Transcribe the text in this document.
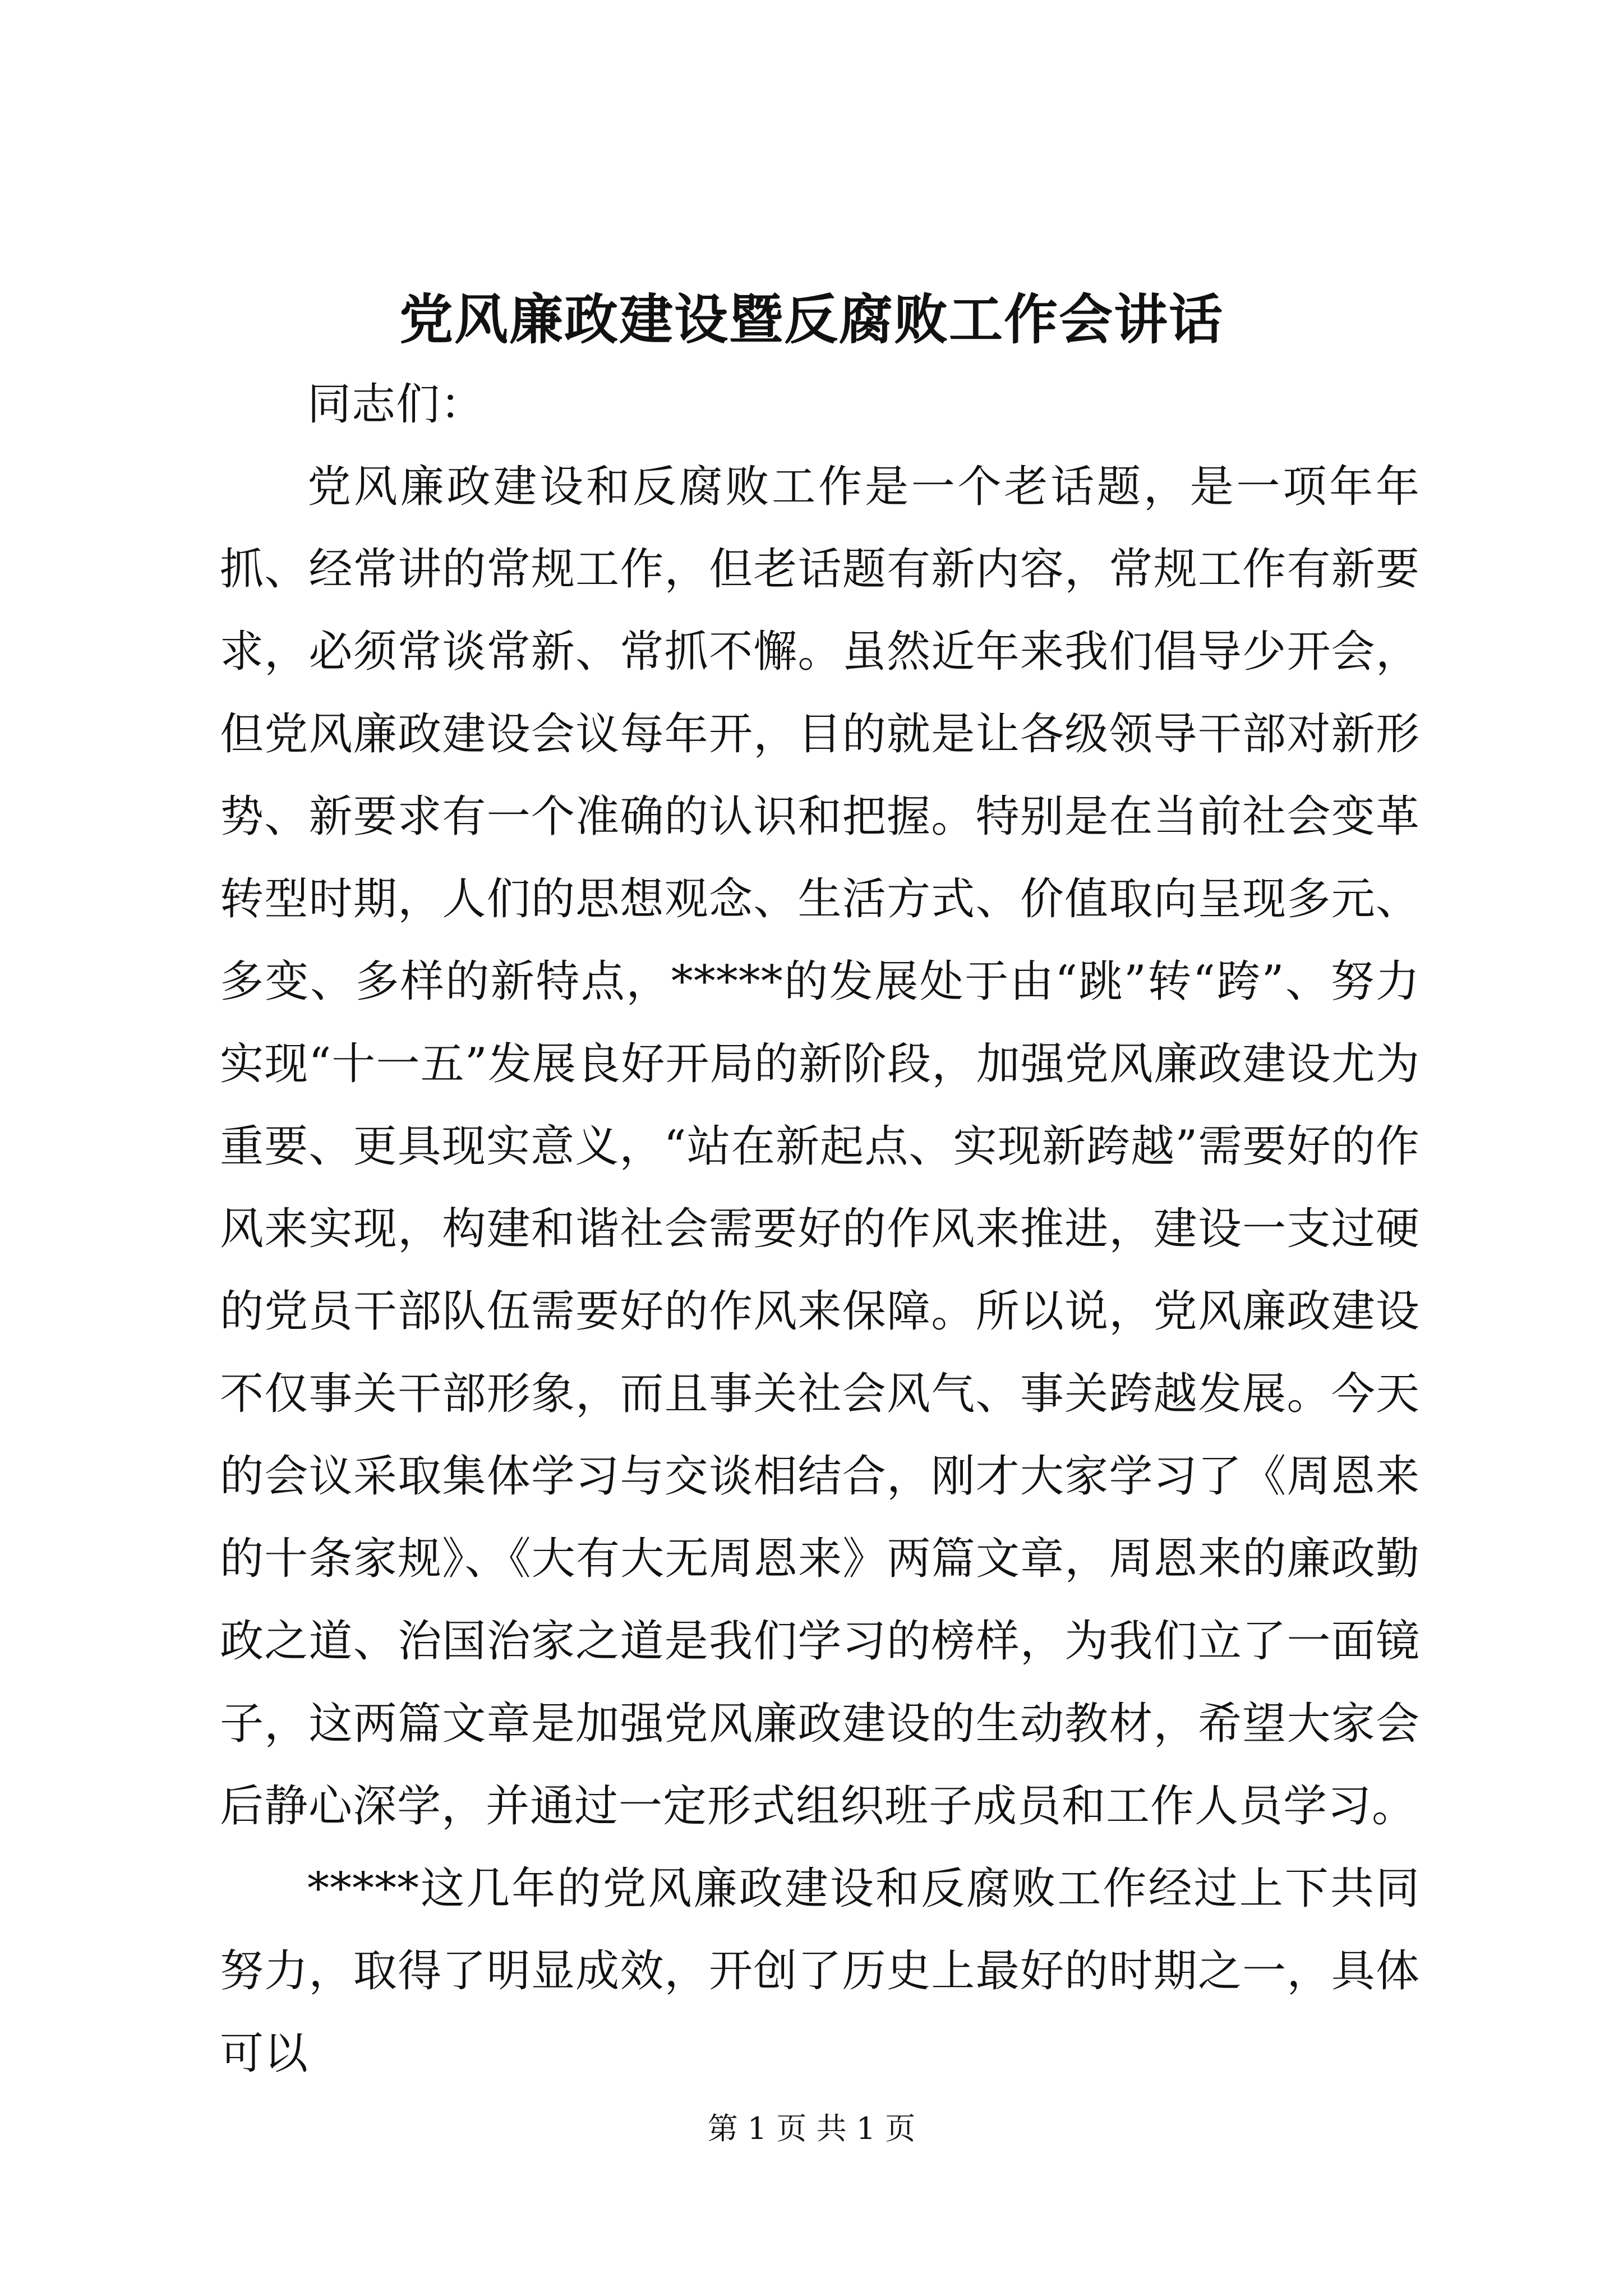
党风廉政建设暨反腐败工作会讲话

同志们：

党风廉政建设和反腐败工作是一个老话题，是一项年年抓、经常讲的常规工作，但老话题有新内容，常规工作有新要求，必须常谈常新、常抓不懈。虽然近年来我们倡导少开会，但党风廉政建设会议每年开，目的就是让各级领导干部对新形势、新要求有一个准确的认识和把握。特别是在当前社会变革转型时期，人们的思想观念、生活方式、价值取向呈现多元、多变、多样的新特点，*****的发展处于由“跳”转“跨”、努力实现“十一五”发展良好开局的新阶段，加强党风廉政建设尤为重要、更具现实意义，“站在新起点、实现新跨越”需要好的作风来实现，构建和谐社会需要好的作风来推进，建设一支过硬的党员干部队伍需要好的作风来保障。所以说，党风廉政建设不仅事关干部形象，而且事关社会风气、事关跨越发展。今天的会议采取集体学习与交谈相结合，刚才大家学习了《周恩来的十条家规》、《大有大无周恩来》两篇文章，周恩来的廉政勤政之道、治国治家之道是我们学习的榜样，为我们立了一面镜子，这两篇文章是加强党风廉政建设的生动教材，希望大家会后静心深学，并通过一定形式组织班子成员和工作人员学习。

*****这几年的党风廉政建设和反腐败工作经过上下共同努力，取得了明显成效，开创了历史上最好的时期之一，具体可以

第 1 页 共 1 页
